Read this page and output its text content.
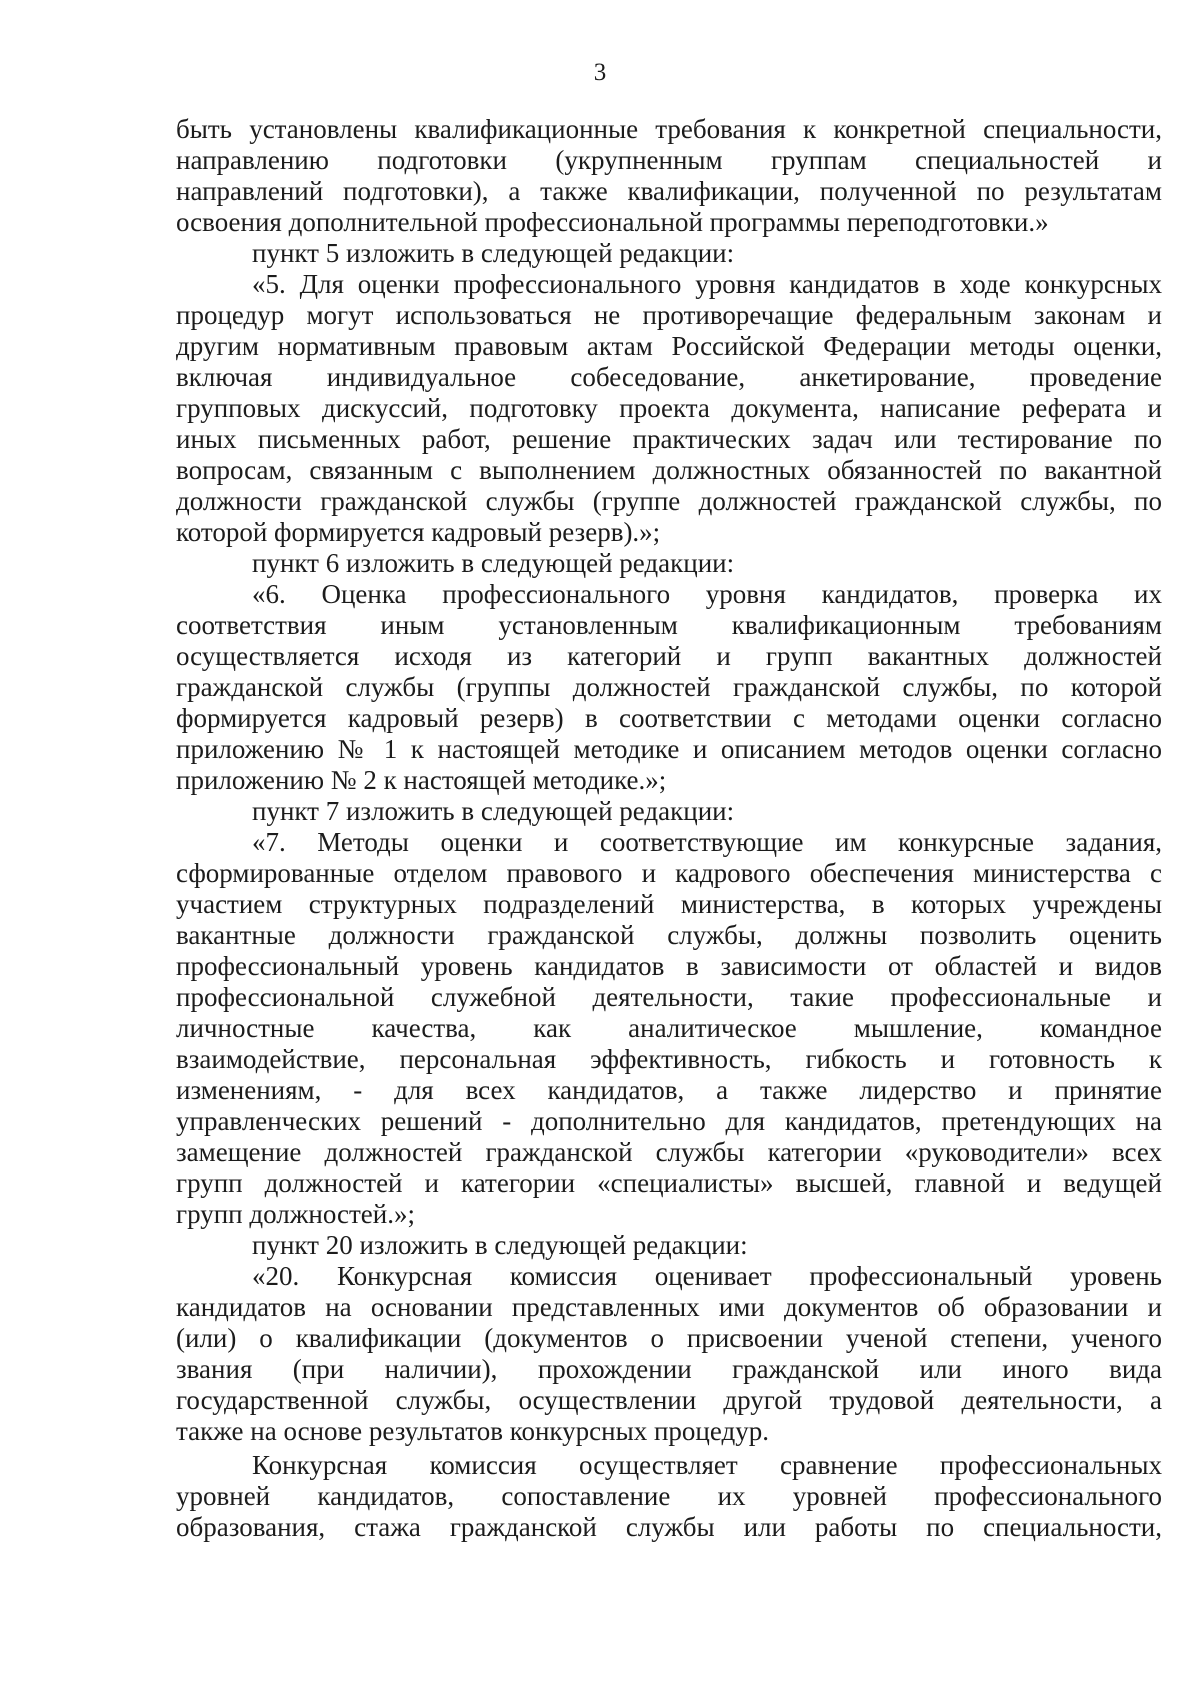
3
быть установлены квалификационные требования к конкретной специальности,
направлению подготовки (укрупненным группам специальностей и
направлений подготовки), а также квалификации, полученной по результатам
освоения дополнительной профессиональной программы переподготовки.»
пункт 5 изложить в следующей редакции:
«5. Для оценки профессионального уровня кандидатов в ходе конкурсных
процедур могут использоваться не противоречащие федеральным законам и
другим нормативным правовым актам Российской Федерации методы оценки,
включая индивидуальное собеседование, анкетирование, проведение
групповых дискуссий, подготовку проекта документа, написание реферата и
иных письменных работ, решение практических задач или тестирование по
вопросам, связанным с выполнением должностных обязанностей по вакантной
должности гражданской службы (группе должностей гражданской службы, по
которой формируется кадровый резерв).»;
пункт 6 изложить в следующей редакции:
«6. Оценка профессионального уровня кандидатов, проверка их
соответствия иным установленным квалификационным требованиям
осуществляется исходя из категорий и групп вакантных должностей
гражданской службы (группы должностей гражданской службы, по которой
формируется кадровый резерв) в соответствии с методами оценки согласно
приложению № 1 к настоящей методике и описанием методов оценки согласно
приложению № 2 к настоящей методике.»;
пункт 7 изложить в следующей редакции:
«7. Методы оценки и соответствующие им конкурсные задания,
сформированные отделом правового и кадрового обеспечения министерства с
участием структурных подразделений министерства, в которых учреждены
вакантные должности гражданской службы, должны позволить оценить
профессиональный уровень кандидатов в зависимости от областей и видов
профессиональной служебной деятельности, такие профессиональные и
личностные качества, как аналитическое мышление, командное
взаимодействие, персональная эффективность, гибкость и готовность к
изменениям, - для всех кандидатов, а также лидерство и принятие
управленческих решений - дополнительно для кандидатов, претендующих на
замещение должностей гражданской службы категории «руководители» всех
групп должностей и категории «специалисты» высшей, главной и ведущей
групп должностей.»;
пункт 20 изложить в следующей редакции:
«20. Конкурсная комиссия оценивает профессиональный уровень
кандидатов на основании представленных ими документов об образовании и
(или) о квалификации (документов о присвоении ученой степени, ученого
звания (при наличии), прохождении гражданской или иного вида
государственной службы, осуществлении другой трудовой деятельности, а
также на основе результатов конкурсных процедур.
Конкурсная комиссия осуществляет сравнение профессиональных
уровней кандидатов, сопоставление их уровней профессионального
образования, стажа гражданской службы или работы по специальности,
